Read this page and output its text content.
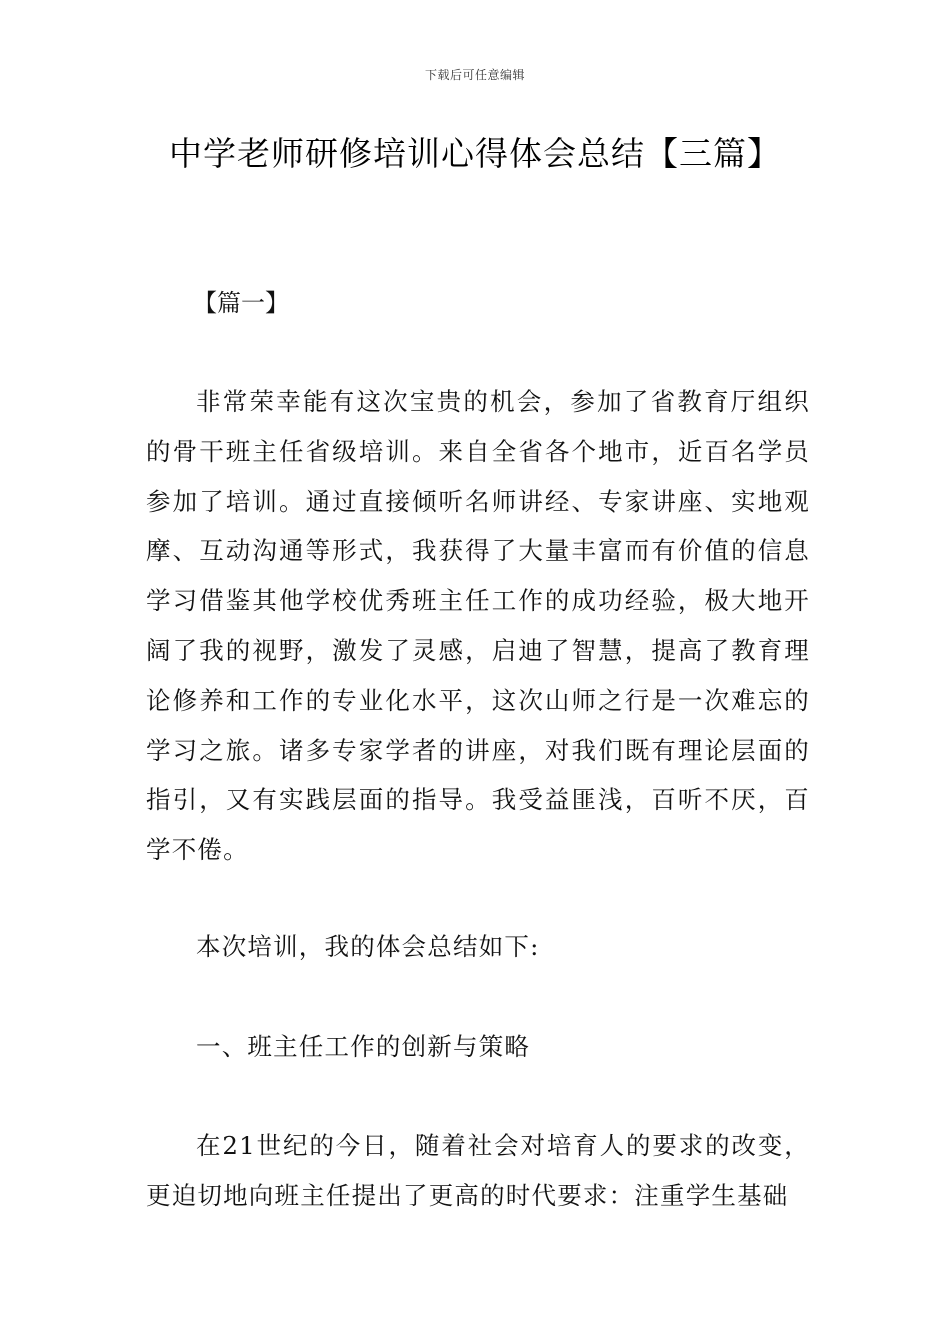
下载后可任意编辑
中学老师研修培训心得体会总结【三篇】
【篇一】

非常荣幸能有这次宝贵的机会，参加了省教育厅组织的骨干班主任省级培训。来自全省各个地市，近百名学员参加了培训。通过直接倾听名师讲经、专家讲座、实地观摩、互动沟通等形式，我获得了大量丰富而有价值的信息学习借鉴其他学校优秀班主任工作的成功经验，极大地开阔了我的视野，激发了灵感，启迪了智慧，提高了教育理论修养和工作的专业化水平，这次山师之行是一次难忘的学习之旅。诸多专家学者的讲座，对我们既有理论层面的指引，又有实践层面的指导。我受益匪浅，百听不厌，百学不倦。

本次培训，我的体会总结如下:

一、班主任工作的创新与策略

在21世纪的今日，随着社会对培育人的要求的改变，更迫切地向班主任提出了更高的时代要求：注重学生基础
